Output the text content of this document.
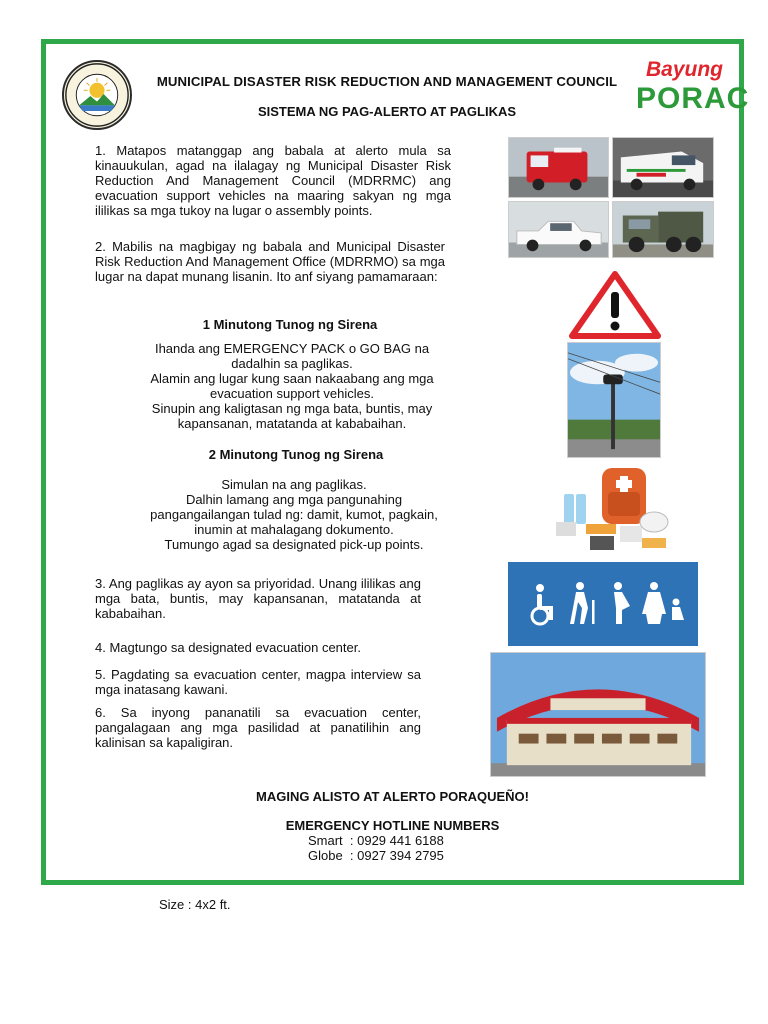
MUNICIPAL DISASTER RISK REDUCTION AND MANAGEMENT COUNCIL
SISTEMA NG PAG-ALERTO AT PAGLIKAS
Bayung
PORAC
1. Matapos matanggap ang babala at alerto mula sa kinauukulan, agad na ilalagay ng Municipal Disaster Risk Reduction And Management Council (MDRRMC) ang evacuation support vehicles na maaring sakyan ng mga ililikas sa mga tukoy na lugar o assembly points.
2. Mabilis na magbigay ng babala and Municipal Disaster Risk Reduction And Management Office (MDRRMO) sa mga lugar na dapat munang lisanin. Ito anf siyang pamamaraan:
1 Minutong Tunog ng Sirena
Ihanda ang EMERGENCY PACK o GO BAG na
dadalhin sa paglikas.
Alamin ang lugar kung saan nakaabang ang mga
evacuation support vehicles.
Sinupin ang kaligtasan ng mga bata, buntis, may
kapansanan, matatanda at kababaihan.
2 Minutong Tunog ng Sirena
Simulan na ang paglikas.
Dalhin lamang ang mga pangunahing
pangangailangan tulad ng: damit, kumot, pagkain,
inumin at mahalagang dokumento.
Tumungo agad sa designated pick-up points.
3. Ang paglikas ay ayon sa priyoridad. Unang ililikas ang mga bata, buntis, may kapansanan, matatanda at kababaihan.
4. Magtungo sa designated evacuation center.
5. Pagdating sa evacuation center, magpa interview sa mga inatasang kawani.
6. Sa inyong pananatili sa evacuation center, pangalagaan ang mga pasilidad at panatilihin ang kalinisan sa kapaligiran.
MAGING ALISTO AT ALERTO PORAQUEÑO!
EMERGENCY HOTLINE NUMBERS
Smart  : 0929 441 6188
Globe  : 0927 394 2795
Size : 4x2 ft.
